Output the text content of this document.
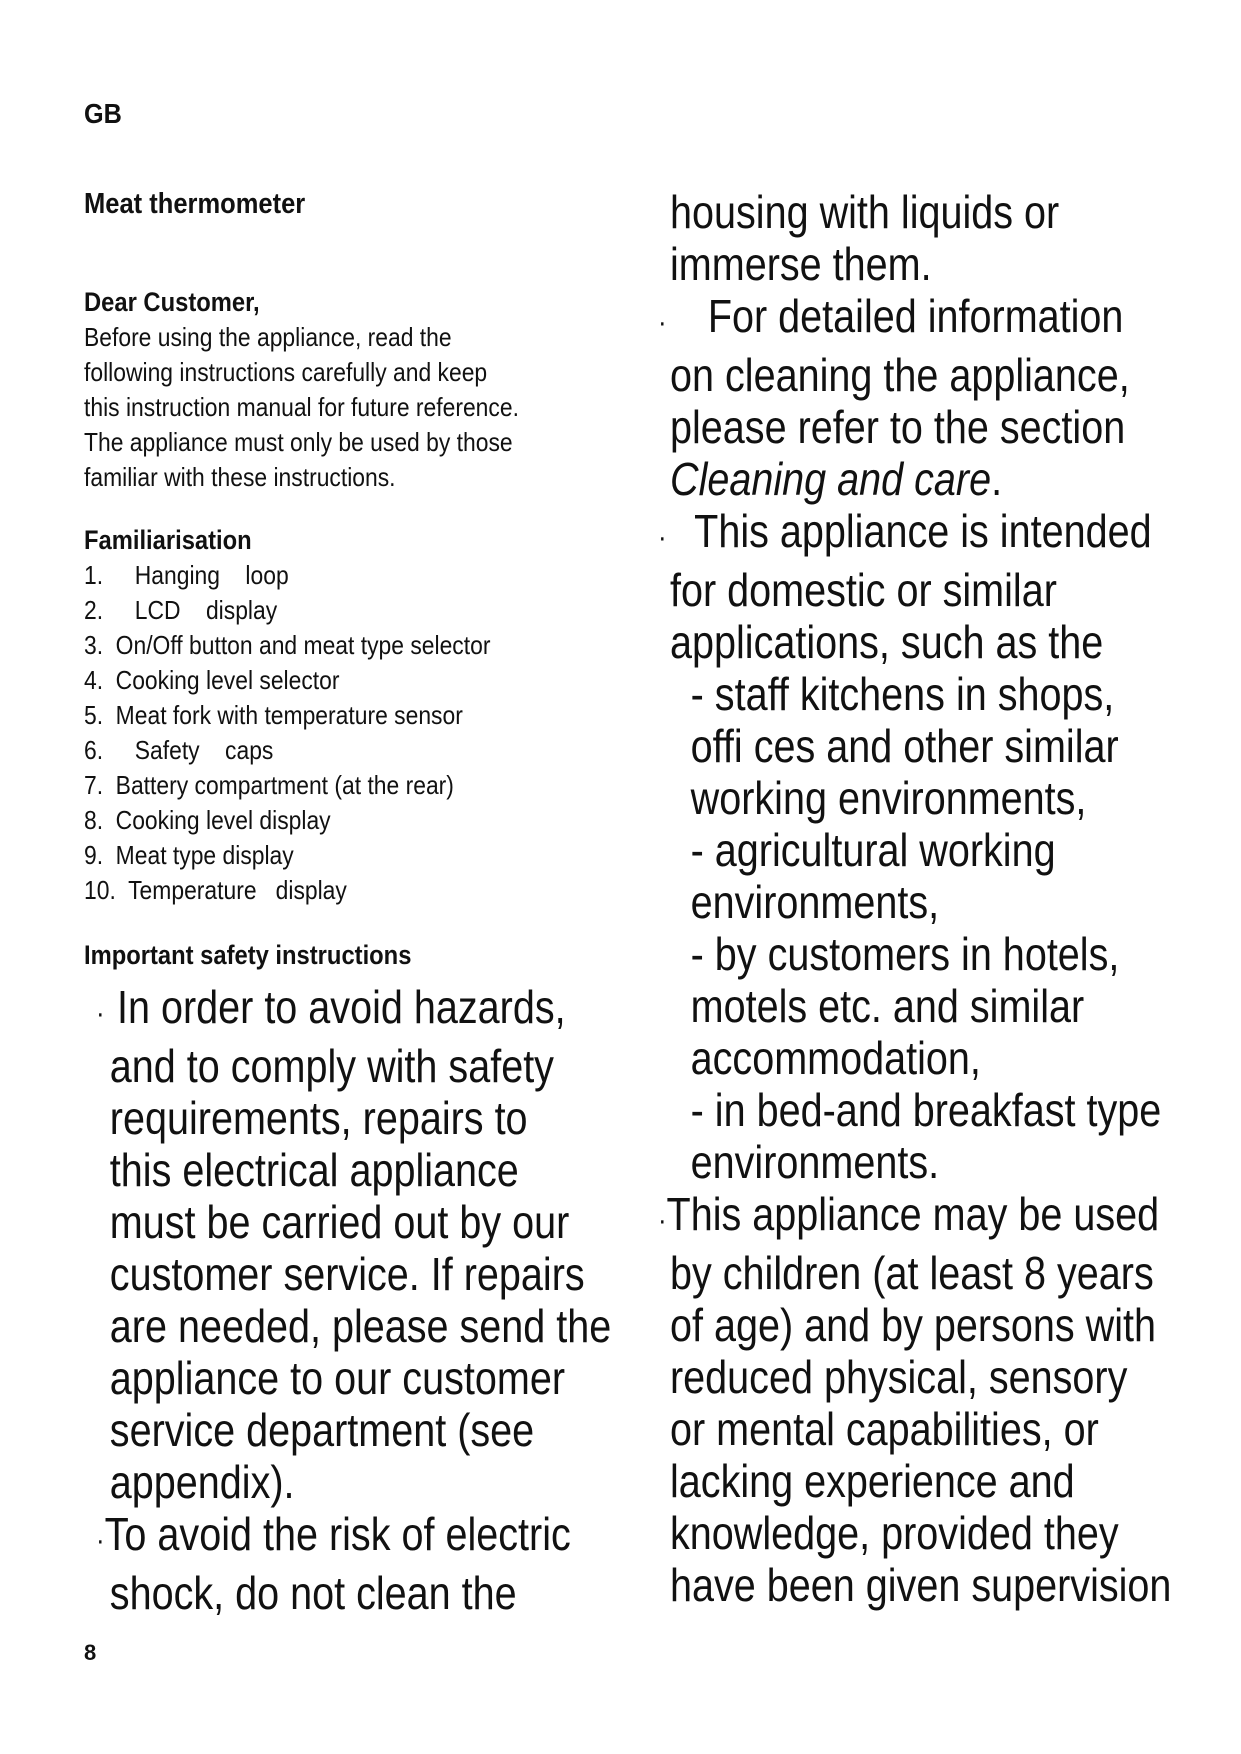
GB
Meat thermometer
Dear Customer,
Before using the appliance, read the
following instructions carefully and keep
this instruction manual for future reference.
The appliance must only be used by those
familiar with these instructions.
Familiarisation
1. Hanging    loop
2. LCD    display
3. On/Off button and meat type selector
4. Cooking level selector
5. Meat fork with temperature sensor
6. Safety    caps
7. Battery compartment (at the rear)
8. Cooking level display
9. Meat type display
10. Temperature   display
Important safety instructions
· In order to avoid hazards,
and to comply with safety
requirements, repairs to
this electrical appliance
must be carried out by our
customer service. If repairs
are needed, please send the
appliance to our customer
service department (see
appendix).
· To avoid the risk of electric
shock, do not clean the
housing with liquids or
immerse them.
· For detailed information
on cleaning the appliance,
please refer to the section
Cleaning and care.
· This appliance is intended
for domestic or similar
applications, such as the
- staff kitchens in shops,
offi ces and other similar
working environments,
- agricultural working
environments,
- by customers in hotels,
motels etc. and similar
accommodation,
- in bed-and breakfast type
environments.
· This appliance may be used
by children (at least 8 years
of age) and by persons with
reduced physical, sensory
or mental capabilities, or
lacking experience and
knowledge, provided they
have been given supervision
8
